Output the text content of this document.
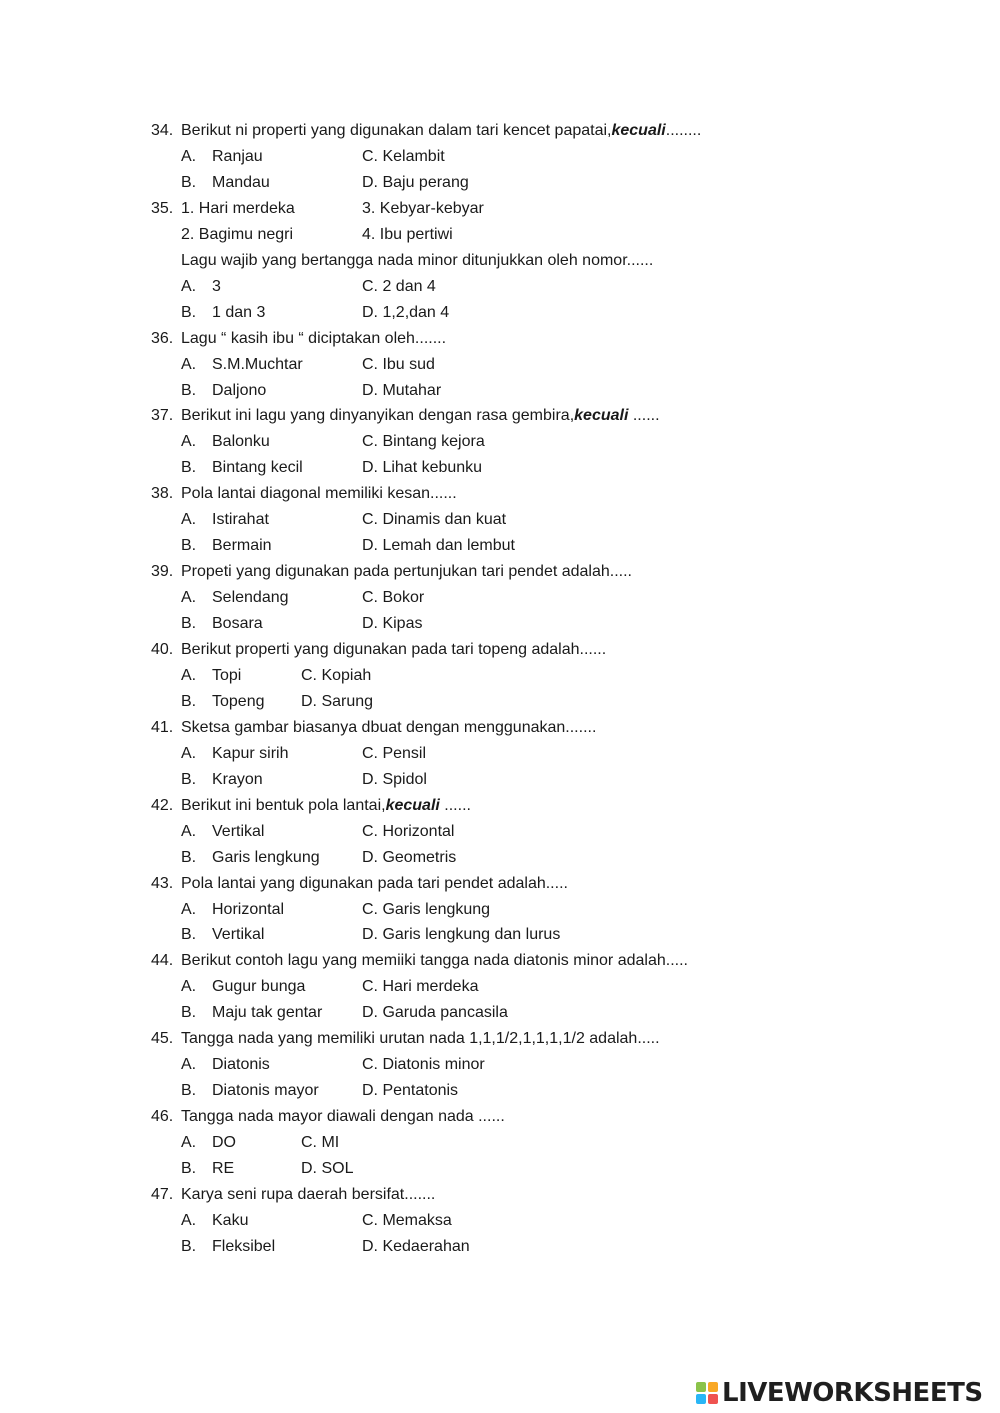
34. Berikut ni properti yang digunakan dalam tari kencet papatai,kecuali........
A. Ranjau	C. Kelambit
B. Mandau	D. Baju perang
35. 1. Hari merdeka	3. Kebyar-kebyar
2. Bagimu negri	4. Ibu pertiwi
Lagu wajib yang bertangga nada minor ditunjukkan oleh nomor......
A. 3	C. 2 dan 4
B. 1 dan 3	D. 1,2,dan 4
36. Lagu “ kasih ibu “ diciptakan oleh.......
A. S.M.Muchtar	C. Ibu sud
B. Daljono	D. Mutahar
37. Berikut ini lagu yang dinyanyikan dengan rasa gembira,kecuali ......
A. Balonku	C. Bintang kejora
B. Bintang kecil	D. Lihat kebunku
38. Pola lantai diagonal memiliki kesan......
A. Istirahat	C. Dinamis dan kuat
B. Bermain	D. Lemah dan lembut
39. Propeti yang digunakan pada pertunjukan tari pendet adalah.....
A. Selendang	C. Bokor
B. Bosara	D. Kipas
40. Berikut properti yang digunakan pada tari topeng adalah......
A. Topi	C. Kopiah
B. Topeng D. Sarung
41. Sketsa gambar biasanya dbuat dengan menggunakan.......
A. Kapur sirih	C. Pensil
B. Krayon	D. Spidol
42. Berikut ini bentuk pola lantai,kecuali ......
A. Vertikal	C. Horizontal
B. Garis lengkung	D. Geometris
43. Pola lantai yang digunakan pada tari pendet adalah.....
A. Horizontal	C. Garis lengkung
B. Vertikal	D. Garis lengkung dan lurus
44. Berikut contoh lagu yang memiiki tangga nada diatonis minor adalah.....
A. Gugur bunga	C. Hari merdeka
B. Maju tak gentar D. Garuda pancasila
45. Tangga nada yang memiliki urutan nada 1,1,1/2,1,1,1,1/2 adalah.....
A. Diatonis	C. Diatonis minor
B. Diatonis mayor	D. Pentatonis
46. Tangga nada mayor diawali dengan nada ......
A. DO	C. MI
B. RE	D. SOL
47. Karya seni rupa daerah bersifat.......
A. Kaku	C. Memaksa
B. Fleksibel	D. Kedaerahan
LIVEWORKSHEETS
